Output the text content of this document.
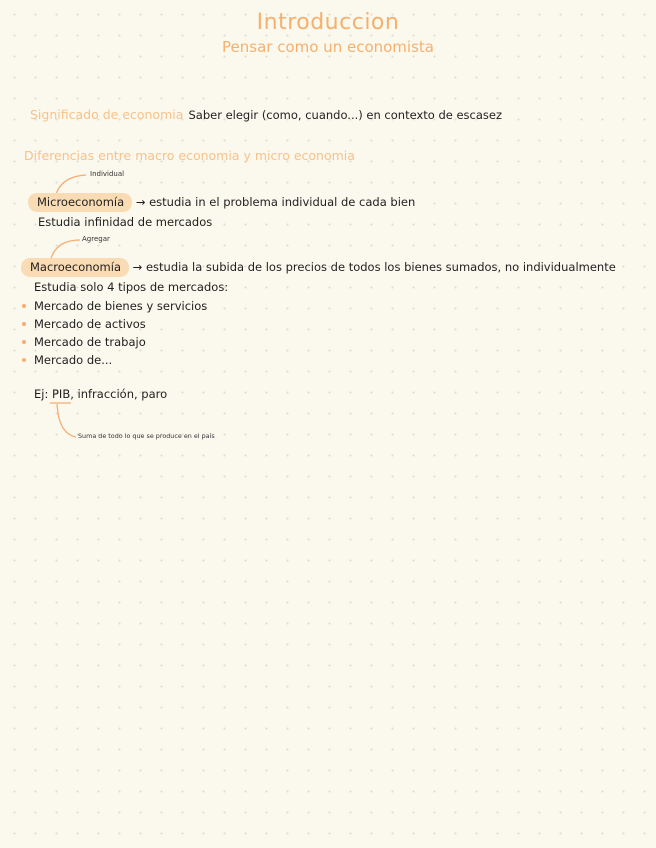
Introduccion
Pensar como un economista
Significado de economia Saber elegir (como, cuando...) en contexto de escasez
Diferencias entre macro economia y micro economia
Individual
Microeconomía → estudia in el problema individual de cada bien
Estudia infinidad de mercados
Agregar
Macroeconomía → estudia la subida de los precios de todos los bienes sumados, no individualmente
Estudia solo 4 tipos de mercados:
Mercado de bienes y servicios
Mercado de activos
Mercado de trabajo
Mercado de...
Ej: PIB, infracción, paro
Suma de todo lo que se produce en el país
